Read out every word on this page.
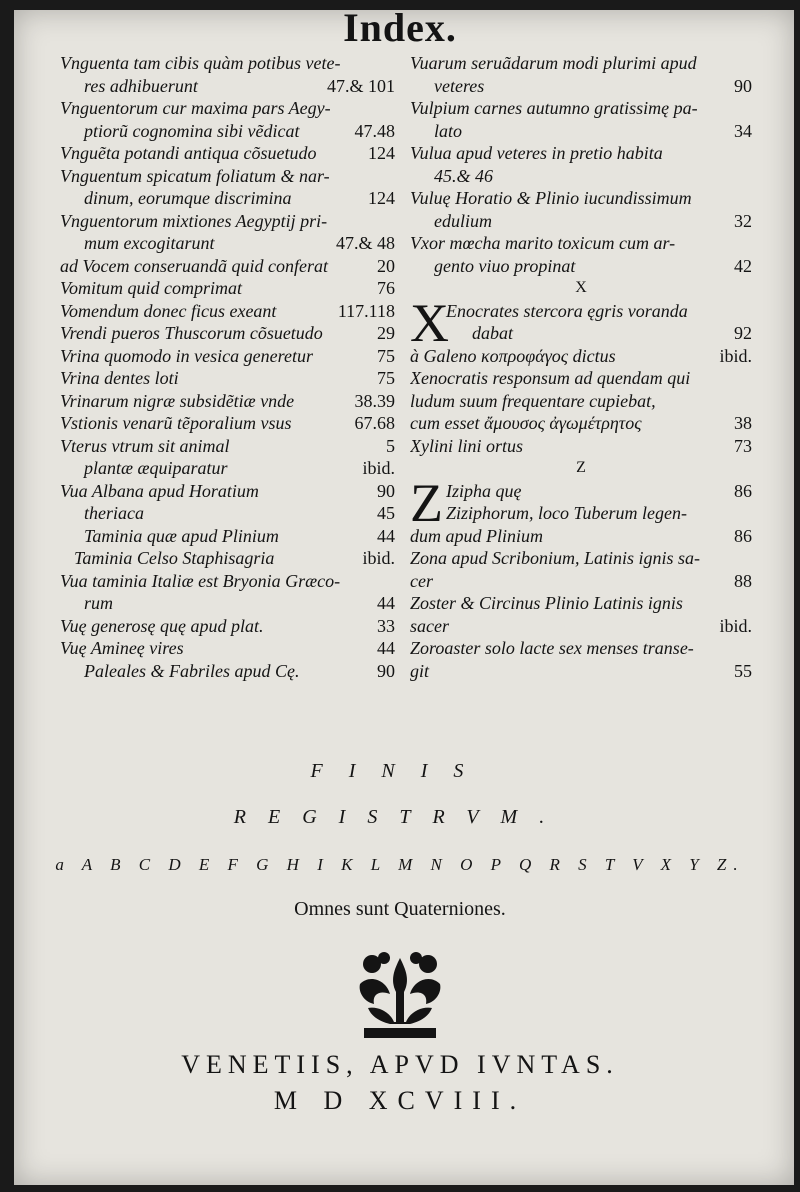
Index.
Vnguenta tam cibis quàm potibus vete-
res adhibuerunt	47.& 101
Vnguentorum cur maxima pars Aegy-
ptiorũ cognomina sibi vẽdicat	47.48
Vnguẽta potandi antiqua cõsuetudo	124
Vnguentum spicatum foliatum & nar-
dinum, eorumque discrimina	124
Vnguentorum mixtiones Aegyptij pri-
mum excogitarunt	47.& 48
ad Vocem conseruandã quid conferat	20
Vomitum quid comprimat	76
Vomendum donec ficus exeant	117.118
Vrendi pueros Thuscorum cõsuetudo	29
Vrina quomodo in vesica generetur	75
Vrina dentes loti	75
Vrinarum nigræ subsidẽtiæ vnde	38.39
Vstionis venarũ tẽporalium vsus	67.68
Vterus vtrum sit animal	5
plantæ æquiparatur	ibid.
Vua Albana apud Horatium	90
theriaca	45
Taminia quæ apud Plinium	44
Taminia Celso Staphisagria	ibid.
Vua taminia Italiæ est Bryonia Græco-
rum	44
Vuę generosę quę apud plat.	33
Vuę Amineę vires	44
Paleales & Fabriles apud Cę.	90
Vuarum seruãdarum modi plurimi apud
veteres	90
Vulpium carnes autumno gratissimę pa-
lato	34
Vulua apud veteres in pretio habita
45.& 46
Vuluę Horatio & Plinio iucundissimum
edulium	32
Vxor mœcha marito toxicum cum ar-
gento viuo propinat	42
X
X
Enocrates stercora ęgris voranda
dabat	92
à Galeno κοπροφάγος dictus	ibid.
Xenocratis responsum ad quendam qui
ludum suum frequentare cupiebat,
cum esset ἄμουσος ἀγωμέτρητος	38
Xylini lini ortus	73
Z
Z Izipha quę	86
Ziziphorum, loco Tuberum legen-
dum apud Plinium	86
Zona apud Scribonium, Latinis ignis sa-
cer	88
Zoster & Circinus Plinio Latinis ignis
sacer	ibid.
Zoroaster solo lacte sex menses transe-
git	55
FINIS
REGISTRVM.
a A B C D E F G H I K L M N O P Q R S T V X Y Z.
Omnes sunt Quaterniones.
VENETIIS, APVD IVNTAS.
M D XCVIII.
